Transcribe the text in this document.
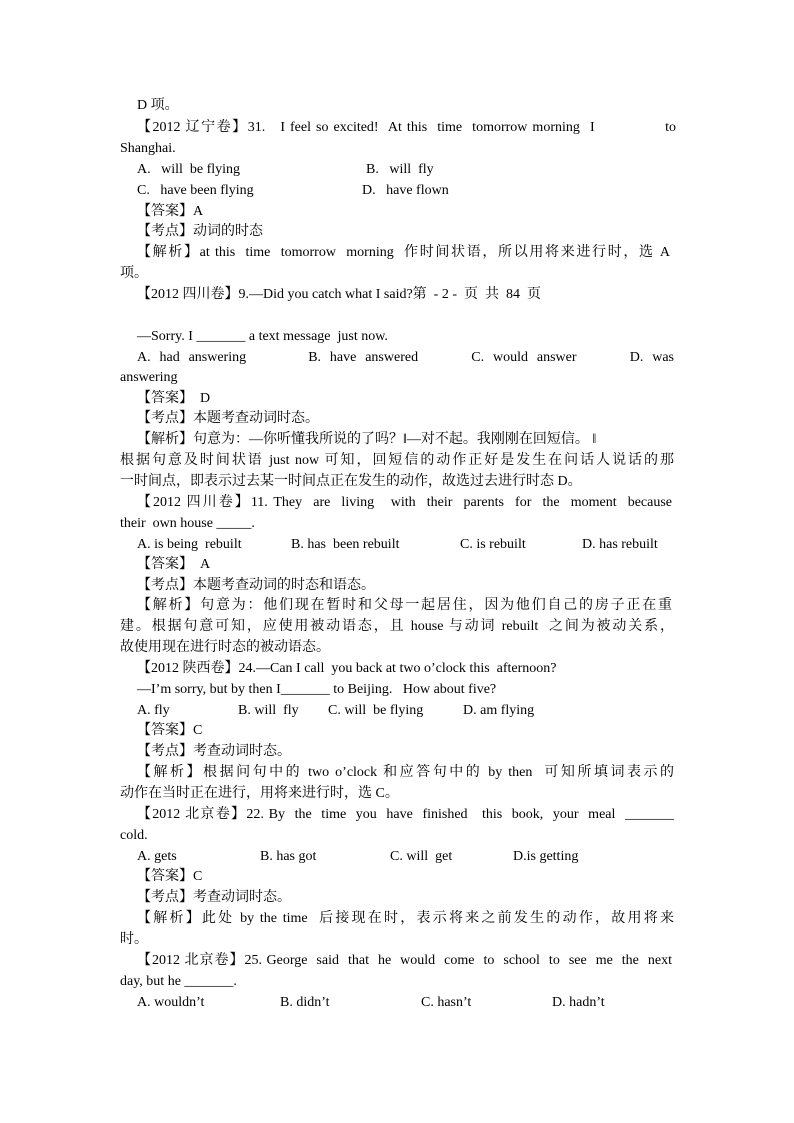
D 项。
【2012 辽宁卷】31.   I feel so excited!  At this  time  tomorrow morning  I              to
Shanghai.
A.   will  be flying	B.   will  fly
C.   have been flying	D.   have flown
【答案】A
【考点】动词的时态
【解析】at this  time  tomorrow  morning  作时间状语，所以用将来进行时，选 A
项。
【2012 四川卷】9.—Did you catch what I said?第  - 2 -  页  共  84  页
—Sorry. I _______ a text message  just now.
A.  had  answering              B.  have  answered            C.  would  answer            D.  was
answering
【答案】  D
【考点】本题考查动词时态。
【解析】句意为：—你听懂我所说的了吗？‖—对不起。我刚刚在回短信。 ‖
根据句意及时间状语 just now 可知，回短信的动作正好是发生在问话人说话的那
一时间点，即表示过去某一时间点正在发生的动作，故选过去进行时态 D。
【2012 四川卷】11. They  are  living   with  their  parents  for  the  moment  because
their  own house _____.
A. is being  rebuilt	B. has  been rebuilt	C. is rebuilt	D. has rebuilt
【答案】  A
【考点】本题考查动词的时态和语态。
【解析】句意为：他们现在暂时和父母一起居住，因为他们自己的房子正在重
建。根据句意可知，应使用被动语态，且 house 与动词 rebuilt  之间为被动关系，
故使用现在进行时态的被动语态。
【2012 陕西卷】24.—Can I call  you back at two o’clock this  afternoon?
—I’m sorry, but by then I_______ to Beijing.   How about five?
A. fly	B. will  fly C. will  be flying	D. am flying
【答案】C
【考点】考查动词时态。
【解析】根据问句中的 two o’clock 和应答句中的 by then  可知所填词表示的
动作在当时正在进行，用将来进行时，选 C。
【2012 北京卷】22. By  the  time  you  have  finished   this  book,  your  meal  _______
cold.
A. gets	B. has got	C. will  get	D.is getting
【答案】C
【考点】考查动词时态。
【解析】此处 by the time  后接现在时，表示将来之前发生的动作，故用将来
时。
【2012 北京卷】25. George  said  that  he  would  come  to  school  to  see  me  the  next
day, but he _______.
A. wouldn’t	B. didn’t	C. hasn’t	D. hadn’t
